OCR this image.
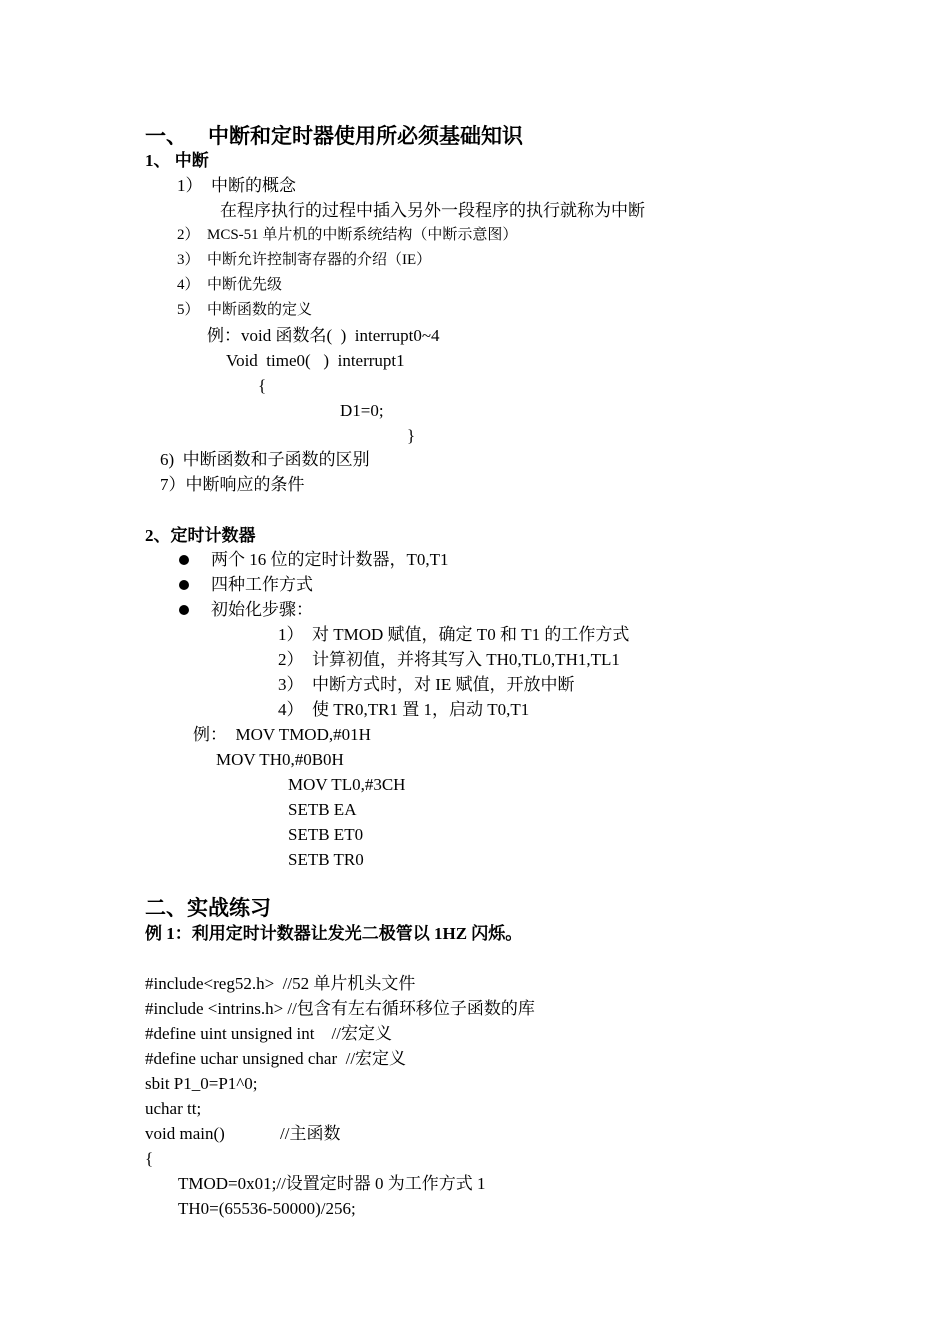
一、    中断和定时器使用所必须基础知识
1、 中断
1）  中断的概念
在程序执行的过程中插入另外一段程序的执行就称为中断
2）  MCS-51 单片机的中断系统结构（中断示意图）
3）  中断允许控制寄存器的介绍（IE）
4）  中断优先级
5）  中断函数的定义
例：void 函数名(  )  interrupt0~4
Void  time0(   )  interrupt1
{
D1=0;
}
6)  中断函数和子函数的区别
7）中断响应的条件
2、定时计数器
两个 16 位的定时计数器，T0,T1
四种工作方式
初始化步骤：
1）  对 TMOD 赋值，确定 T0 和 T1 的工作方式
2）  计算初值，并将其写入 TH0,TL0,TH1,TL1
3）  中断方式时，对 IE 赋值，开放中断
4）  使 TR0,TR1 置 1，启动 T0,T1
例：  MOV TMOD,#01H
MOV TH0,#0B0H
MOV TL0,#3CH
SETB EA
SETB ET0
SETB TR0
二、实战练习
例 1：利用定时计数器让发光二极管以 1HZ 闪烁。
#include<reg52.h>  //52 单片机头文件
#include <intrins.h> //包含有左右循环移位子函数的库
#define uint unsigned int    //宏定义
#define uchar unsigned char  //宏定义
sbit P1_0=P1^0;
uchar tt;
void main()             //主函数
{
TMOD=0x01;//设置定时器 0 为工作方式 1
TH0=(65536-50000)/256;
